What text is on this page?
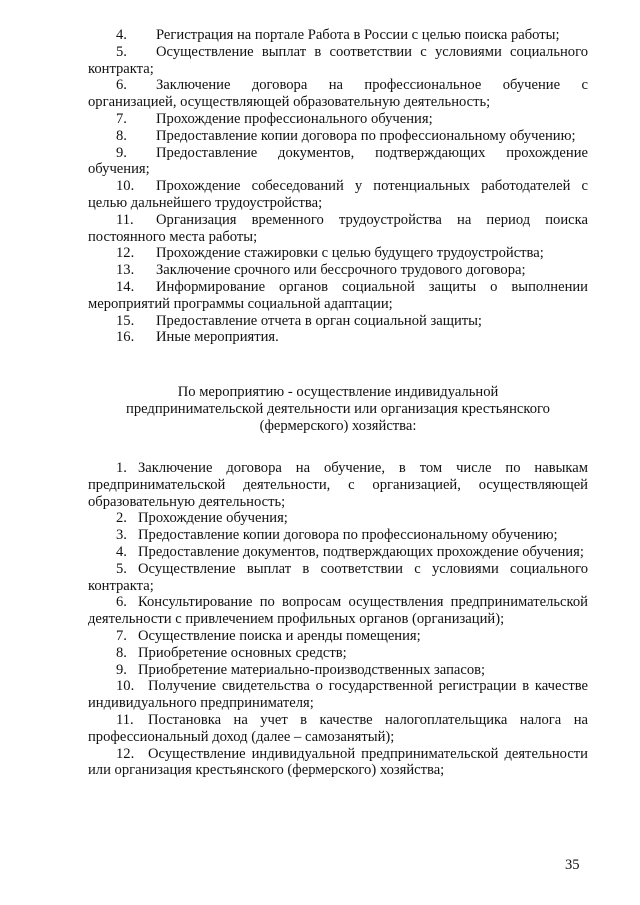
4. Регистрация на портале Работа в России с целью поиска работы;

5. Осуществление выплат в соответствии с условиями социального контракта;

6. Заключение договора на профессиональное обучение с организацией, осуществляющей образовательную деятельность;

7. Прохождение профессионального обучения;

8. Предоставление копии договора по профессиональному обучению;

9. Предоставление документов, подтверждающих прохождение обучения;

10. Прохождение собеседований у потенциальных работодателей с целью дальнейшего трудоустройства;

11. Организация временного трудоустройства на период поиска постоянного места работы;

12. Прохождение стажировки с целью будущего трудоустройства;

13. Заключение срочного или бессрочного трудового договора;

14. Информирование органов социальной защиты о выполнении мероприятий программы социальной адаптации;

15. Предоставление отчета в орган социальной защиты;

16. Иные мероприятия.

По мероприятию - осуществление индивидуальной
предпринимательской деятельности или организация крестьянского
(фермерского) хозяйства:

1. Заключение договора на обучение, в том числе по навыкам предпринимательской деятельности, с организацией, осуществляющей образовательную деятельность;

2. Прохождение обучения;

3. Предоставление копии договора по профессиональному обучению;

4. Предоставление документов, подтверждающих прохождение обучения;

5. Осуществление выплат в соответствии с условиями социального контракта;

6. Консультирование по вопросам осуществления предпринимательской деятельности с привлечением профильных органов (организаций);

7. Осуществление поиска и аренды помещения;

8. Приобретение основных средств;

9. Приобретение материально-производственных запасов;

10. Получение свидетельства о государственной регистрации в качестве индивидуального предпринимателя;

11. Постановка на учет в качестве налогоплательщика налога на профессиональный доход (далее – самозанятый);

12. Осуществление индивидуальной предпринимательской деятельности или организация крестьянского (фермерского) хозяйства;

35
